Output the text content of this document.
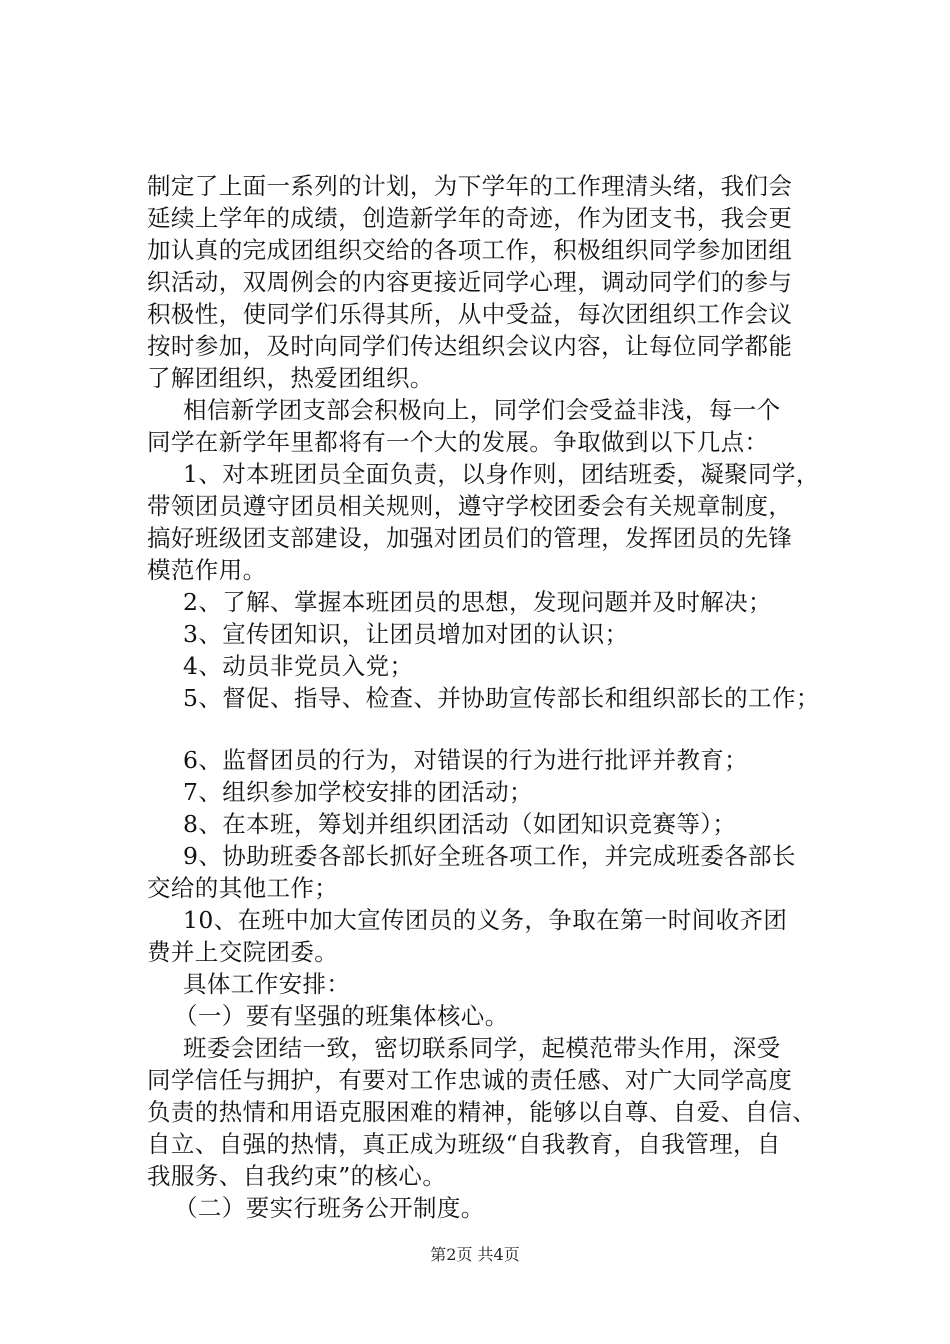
制定了上面一系列的计划，为下学年的工作理清头绪，我们会
延续上学年的成绩，创造新学年的奇迹，作为团支书，我会更
加认真的完成团组织交给的各项工作，积极组织同学参加团组
织活动，双周例会的内容更接近同学心理，调动同学们的参与
积极性，使同学们乐得其所，从中受益，每次团组织工作会议
按时参加，及时向同学们传达组织会议内容，让每位同学都能
了解团组织，热爱团组织。
相信新学团支部会积极向上，同学们会受益非浅，每一个
同学在新学年里都将有一个大的发展。争取做到以下几点：
1、对本班团员全面负责，以身作则，团结班委，凝聚同学，
带领团员遵守团员相关规则，遵守学校团委会有关规章制度，
搞好班级团支部建设，加强对团员们的管理，发挥团员的先锋
模范作用。
2、了解、掌握本班团员的思想，发现问题并及时解决；
3、宣传团知识，让团员增加对团的认识；
4、动员非党员入党；
5、督促、指导、检查、并协助宣传部长和组织部长的工作；
6、监督团员的行为，对错误的行为进行批评并教育；
7、组织参加学校安排的团活动；
8、在本班，筹划并组织团活动（如团知识竞赛等）；
9、协助班委各部长抓好全班各项工作，并完成班委各部长
交给的其他工作；
10、在班中加大宣传团员的义务，争取在第一时间收齐团
费并上交院团委。
具体工作安排：
（一）要有坚强的班集体核心。
班委会团结一致，密切联系同学，起模范带头作用，深受
同学信任与拥护，有要对工作忠诚的责任感、对广大同学高度
负责的热情和用语克服困难的精神，能够以自尊、自爱、自信、
自立、自强的热情，真正成为班级“自我教育，自我管理，自
我服务、自我约束”的核心。
（二）要实行班务公开制度。
第2页 共4页
